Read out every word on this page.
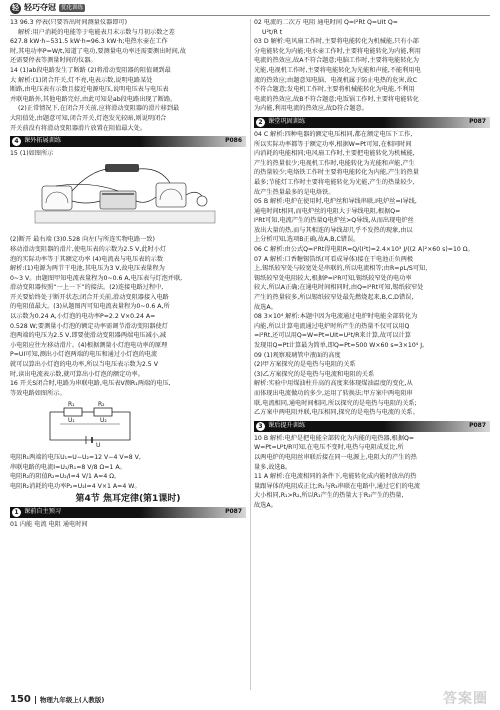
轻 轻巧夺冠 优化训练

13 96.3 停表(只要答出时间测量仪器即可)

解析:用户消耗的电能等于电能表月末示数与月初示数之差

627.8 kW·h−531.5 kW·h=96.3 kW·h;电热水壶在工作

时,其电功率P=W/t,知道了电功,要测量电功率还需要测出时间,故

还需要停表等测量时间的仪器。

14 (1)ab段电路发生了断路 (2)将滑动变阻器的阻值调到最

大 解析:(1)闭合开关,灯不亮,电表示数,说明电路某处

断路,由电压表有示数且接近电源电压,说明电压表与电压表

并联电路外,其他电路完好,由此可知是ab段电路出现了断路。

(2)正常情况下,在闭合开关前,应将滑动变阻器的滑片移到最

大阻值处,由题意可知,闭合开关,灯泡发光较暗,则说明闭合

开关前没有将滑动变阻器滑片放置在阻值最大处。

4 课外拓展训练	P086

15 (1)如图所示

(2)断开 最右端 (3)0.528 向左(与所连实物电路一致)

移动滑动变阻器的滑片,使电压表的示数为2.5 V,此时小灯

泡的实际功率等于其额定功率 (4)电流表与电压表的示数

解析:(1)电源为两节干电池,其电压为3 V,故电压表量程为

0~3 V。由题图甲知电流表量程为0~0.6 A,电压表与灯泡并联,

滑动变阻器按照“一上一下”的接法。(2)连接电路过程中,

开关要始终处于断开状态;闭合开关前,滑动变阻器接入电路

的电阻值最大。(3)从题图丙可知电流表量程为0~0.6 A,所

以示数为0.24 A,小灯泡的电功率P=2.2 V×0.24 A=

0.528 W;要测量小灯泡的额定功率需调节滑动变阻器使灯

泡两端的电压为2.5 V,即要使滑动变阻器两端电压减小,减

小电阻应往左移动滑片。(4)根据测量小灯泡电功率的原理

P=UI可知,测出小灯泡两端的电压和通过小灯泡的电流

就可以算出小灯泡的电功率,所以当电压表示数为2.5 V

时,读出电流表示数,就可算出小灯泡的额定功率。

16 开关S闭合时,电路为串联电路,电压表V测R₁两端的电压,

等效电路如图所示。

R₁	R₂
U₁	U₂
U

电阻R₁两端的电压U₁=U−U₂=12 V−4 V=8 V,

串联电路的电流I=U₁/R₁=8 V/8 Ω=1 A。

电阻R₂的阻值R₂=U₂/I=4 V/1 A=4 Ω。

电阻R₂消耗的电功率P₂=U₂I=4 V×1 A=4 W。

第4节 焦耳定律(第1课时)
1 课前自主预习	P087

01 内能 电流 电阻 通电时间

02 电流的二次方 电阻 通电时间 Q=I²Rt Q=UIt Q=

U²t/R t

03 D 解析:电风扇工作时,主要将电能转化为机械能,只有小部

分电能转化为内能;电水壶工作时,主要将电能转化为内能,利用

电流的热效应,故A不符合题意;电脑工作时,主要将电能转化为

光能,电视机工作时,主要将电能转化为光能和声能,不能利用电

流的热效应;由题意知电脑、电视机属于防止电热的危害,故C

不符合题意;发电机工作时,主要将机械能转化为电能,不利用

电流的热效应,故B不符合题意;电饭锅工作时,主要将电能转化

为内能,利用电流的热效应,故D符合题意。

2 课堂巩固训练	P087

04 C 解析:四种电器的额定电压相同,都在额定电压下工作,

所以实际功率都等于额定功率,根据W=Pt可知,在相同时间

内消耗的电能相同;电风扇工作时,主要把电能转化为机械能,

产生的热量很少;电视机工作时,电能转化为光能和声能,产生

的热量较少;电烙铁工作时主要将电能转化为内能,产生的热量

最多;节能灯工作时主要将电能转化为光能,产生的热量较少,

故产生热量最多的是电烙铁。

05 B 解析:电炉在使用时,电炉丝和导线串联,I电炉丝=I导线,

通电时间t相同,而电炉丝的电阻大于导线电阻,根据Q=

I²Rt可知,电流产生的热量Q电炉丝>Q导线,从而出现电炉丝

放出大量的热,而与其相连的导线却几乎不发热的现象,由以

上分析可知,选项B正确,故A,B,C错误。

06 C 解析:由公式Q=I²Rt得电阻R=Q/(I²t)=2.4×10³ J/((2 A)²×60 s)=10 Ω。

07 A 解析:口香糖锡箔纸(可看成导体)接在干电池正负两极

上,锡纸较窄处与较宽处是串联的,所以电流相等;由R=ρL/S可知,

锡纸较窄处电阻较大,根据P=I²R可知,锡纸较窄处的电功率

较大,所以A正确;在通电时间相同时,由Q=I²Rt可知,锡纸较窄处

产生的热量较多,所以锡纸较窄处最先燃烧起来,B,C,D错误,

故选A。

08 3×10⁴ 解析:本题中因为电流通过电炉时电能全部转化为

内能,所以计算电流通过电炉时所产生的热量不仅可以用Q

=I²Rt,还可以用Q=W=Pt=UIt=U²t/R来计算,故可以计算

发现用Q=Pt计算最为简单,即Q=Pt=500 W×60 s=3×10⁴ J。

09 (1)观察玻璃管中液面的高度

(2)甲方案探究的是电热与电阻的关系

(3)乙方案探究的是电热与电流和电阻的关系

解析:实验中用煤油柱升高的高度来体现煤油温度的变化,从

而体现出电流做功的多少,运用了转换法;甲方案中两电阻串

联,电流相同,通电时间相同,所以探究的是电热与电阻的关系;

乙方案中两电阻并联,电压相同,探究的是电热与电流的关系。

3 课后提升训练	P087

10 B 解析:电炉是把电能全部转化为内能的电热器,根据Q=

W=Pt=U²t/R可知,在电压不变时,电热与电阻成反比,所

以两电炉的电阻丝串联后接在同一电源上,电阻大的产生的热

量多,故选B。

11 A 解析:在电流相同的条件下,电能转化成内能时放出的热

量跟导体的电阻成正比;R₁与R₂串联在电路中,通过它们的电流

大小相同,R₁>R₂,所以R₁产生的热量大于R₂产生的热量,

故选A。

150	物理九年级上(人教版)	答案圈
